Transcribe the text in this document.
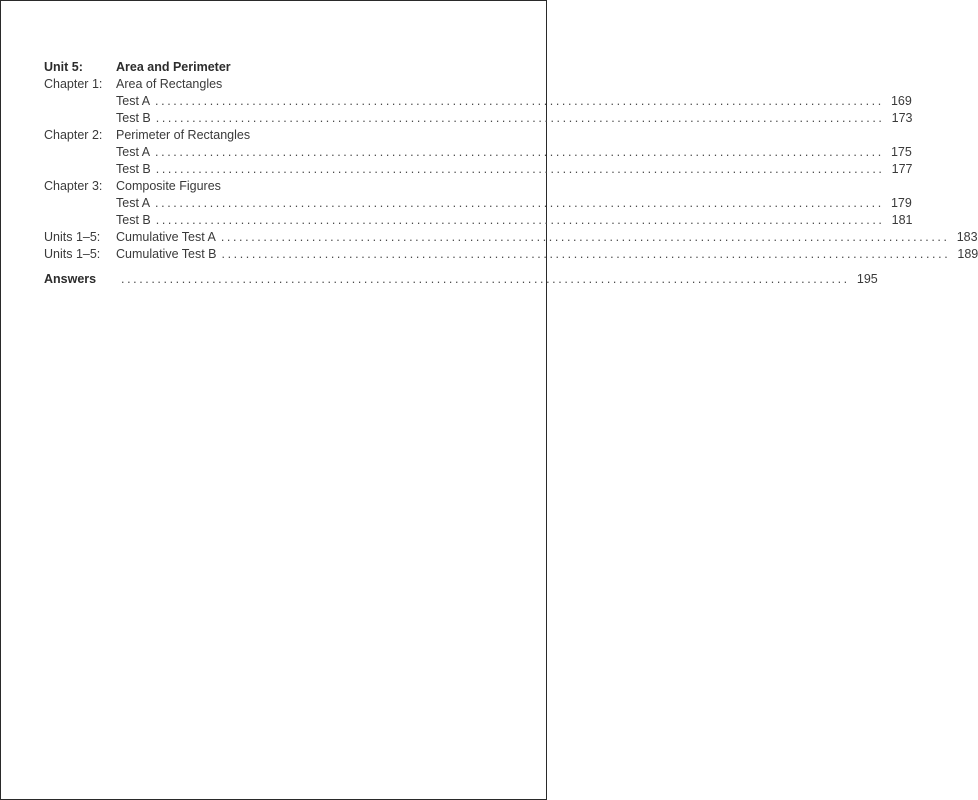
Unit 5:	Area and Perimeter
Chapter 1:	Area of Rectangles
Test A ........................................................................................................................ 169
Test B ........................................................................................................................ 173
Chapter 2:	Perimeter of Rectangles
Test A ........................................................................................................................ 175
Test B ........................................................................................................................ 177
Chapter 3:	Composite Figures
Test A ........................................................................................................................ 179
Test B ........................................................................................................................ 181
Units 1–5:	Cumulative Test A ........................................................................................................................ 183
Units 1–5:	Cumulative Test B ........................................................................................................................ 189
Answers	........................................................................................................................ 195
